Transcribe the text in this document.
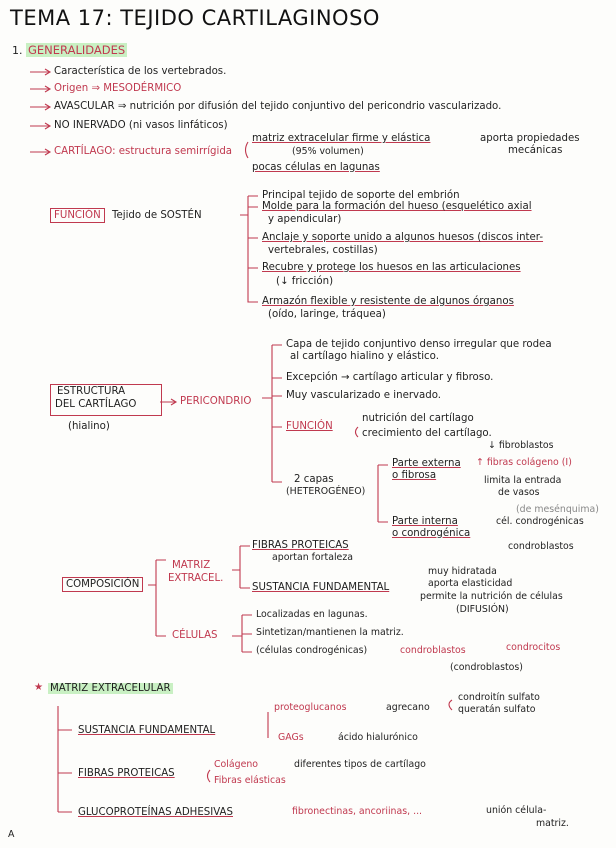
TEMA 17: TEJIDO CARTILAGINOSO
1. GENERALIDADES
Característica de los vertebrados.
Origen ⇒ MESODÉRMICO
AVASCULAR ⇒ nutrición por difusión del tejido conjuntivo del pericondrio vascularizado.
NO INERVADO (ni vasos linfáticos)
CARTÍLAGO: estructura semirrígida
matriz extracelular firme y elástica
(95% volumen)
aporta propiedades
mecánicas
pocas células en lagunas
FUNCIÓN	Tejido de SOSTÉN
Principal tejido de soporte del embrión
Molde para la formación del hueso (esquelético axial
y apendicular)
Anclaje y soporte unido a algunos huesos (discos inter-
vertebrales, costillas)
Recubre y protege los huesos en las articulaciones
(↓ fricción)
Armazón flexible y resistente de algunos órganos
(oído, laringe, tráquea)
ESTRUCTURA
DEL CARTÍLAGO
(hialino)
PERICONDRIO
Capa de tejido conjuntivo denso irregular que rodea
al cartílago hialino y elástico.
Excepción → cartílago articular y fibroso.
Muy vascularizado e inervado.
FUNCIÓN
nutrición del cartílago
crecimiento del cartílago.
2 capas
(HETEROGÉNEO)
Parte externa
o fibrosa
↓ fibroblastos
↑ fibras colágeno (I)
limita la entrada
de vasos
(de mesénquima)
Parte interna
o condrogénica
cél. condrogénicas
condroblastos
COMPOSICIÓN
MATRIZ
EXTRACEL.
FIBRAS PROTEICAS
aportan fortaleza
SUSTANCIA FUNDAMENTAL
muy hidratada
aporta elasticidad
permite la nutrición de células
(DIFUSIÓN)
CÉLULAS
Localizadas en lagunas.
Sintetizan/mantienen la matriz.
(células condrogénicas)	condroblastos	condrocitos
(condroblastos)
★ MATRIZ EXTRACELULAR
SUSTANCIA FUNDAMENTAL
proteoglucanos	agrecano
condroitín sulfato
queratán sulfato
GAGs	ácido hialurónico
FIBRAS PROTEICAS
Colágeno	diferentes tipos de cartílago
Fibras elásticas
GLUCOPROTEÍNAS ADHESIVAS	fibronectinas, ancoriinas, ...	unión célula-
matriz.
A
